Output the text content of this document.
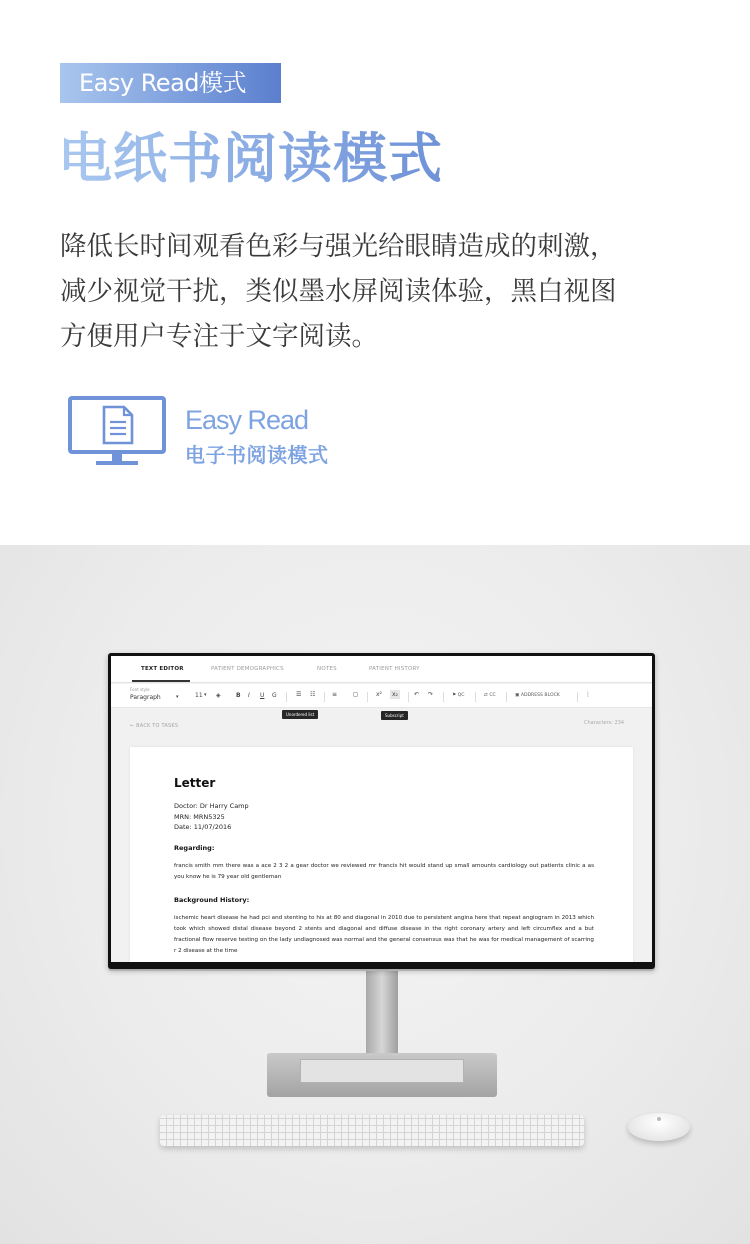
Easy Read模式
电纸书阅读模式

降低长时间观看色彩与强光给眼睛造成的刺激，

减少视觉干扰，类似墨水屏阅读体验，黑白视图

方便用户专注于文字阅读。

Easy Read
电子书阅读模式
TEXT EDITOR	PATIENT DEMOGRAPHICS	NOTES	PATIENT HISTORY
Font style
Paragraph	▾	11 ▾ ◈	B I U G	☰ ☷	≡	◻	x²	x₂	↶ ↷	⚑ QC	⇄ CC	▣ ADDRESS BLOCK	⋮
Unordered list	Subscript
← BACK TO TASKS	Characters: 234
Letter
Doctor: Dr Harry Camp
MRN: MRN5325
Date: 11/07/2016
Regarding:
francis smith mm there was a ace 2 3 2 a gear doctor we reviewed mr francis hit would stand up small amounts cardiology out patients clinic a as you know he is 79 year old gentleman
Background History:
ischemic heart disease he had pci and stenting to his at 80 and diagonal in 2010 due to persistent angina here that repeat angiogram in 2013 which took which showed distal disease beyond 2 stents and diagonal and diffuse disease in the right coronary artery and left circumflex and a but fractional flow reserve testing on the lady undiagnosed was normal and the general consensus was that he was for medical management of scarring r 2 disease at the time
